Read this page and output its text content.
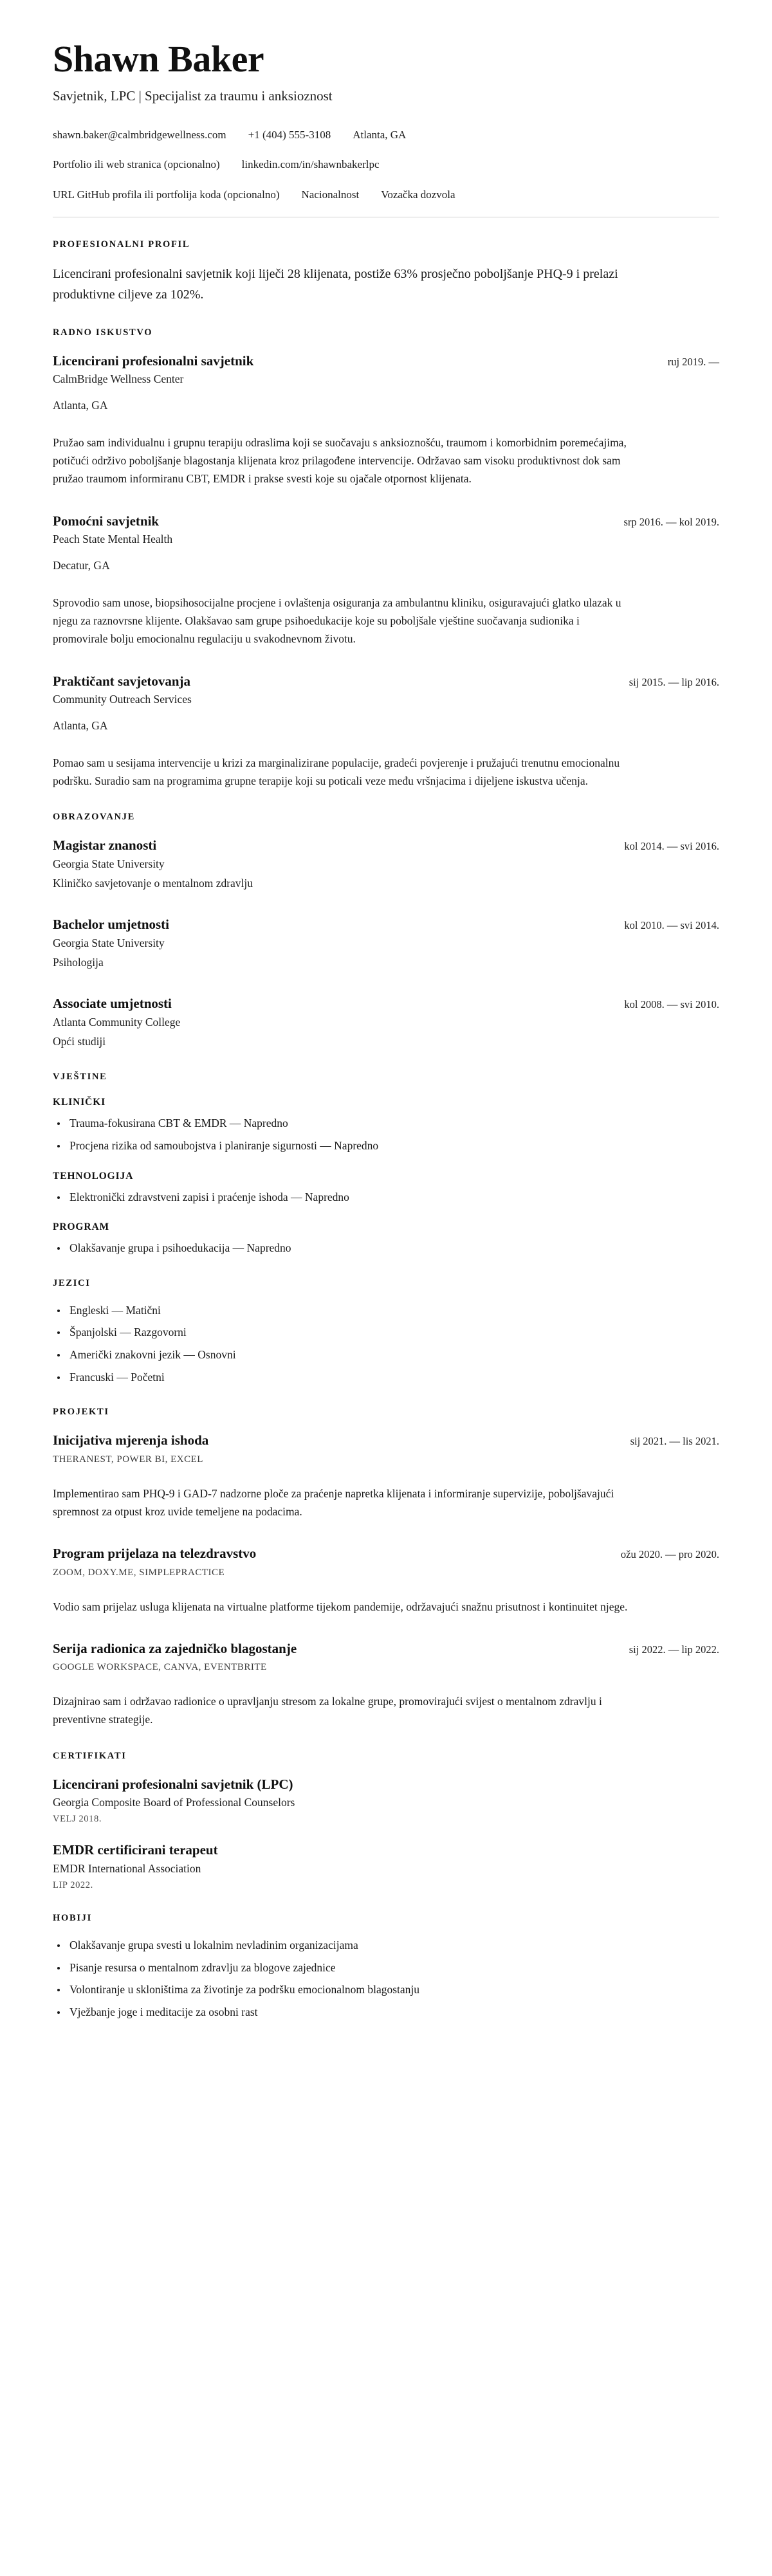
Shawn Baker

Savjetnik, LPC | Specijalist za traumu i anksioznost

shawn.baker@calmbridgewellness.com +1 (404) 555-3108 Atlanta, GA
Portfolio ili web stranica (opcionalno) linkedin.com/in/shawnbakerlpc
URL GitHub profila ili portfolija koda (opcionalno) Nacionalnost Vozačka dozvola
PROFESIONALNI PROFIL

Licencirani profesionalni savjetnik koji liječi 28 klijenata, postiže 63% prosječno poboljšanje PHQ-9 i prelazi produktivne ciljeve za 102%.

RADNO ISKUSTVO
Licencirani profesionalni savjetnik	ruj 2019. —

CalmBridge Wellness Center

Atlanta, GA

Pružao sam individualnu i grupnu terapiju odraslima koji se suočavaju s anksioznošću, traumom i komorbidnim poremećajima, potičući održivo poboljšanje blagostanja klijenata kroz prilagođene intervencije. Održavao sam visoku produktivnost dok sam pružao traumom informiranu CBT, EMDR i prakse svesti koje su ojačale otpornost klijenata.

Pomoćni savjetnik	srp 2016. — kol 2019.

Peach State Mental Health

Decatur, GA

Sprovodio sam unose, biopsihosocijalne procjene i ovlaštenja osiguranja za ambulantnu kliniku, osiguravajući glatko ulazak u njegu za raznovrsne klijente. Olakšavao sam grupe psihoedukacije koje su poboljšale vještine suočavanja sudionika i promovirale bolju emocionalnu regulaciju u svakodnevnom životu.

Praktičant savjetovanja	sij 2015. — lip 2016.

Community Outreach Services

Atlanta, GA

Pomao sam u sesijama intervencije u krizi za marginalizirane populacije, gradeći povjerenje i pružajući trenutnu emocionalnu podršku. Suradio sam na programima grupne terapije koji su poticali veze među vršnjacima i dijeljene iskustva učenja.

OBRAZOVANJE
Magistar znanosti	kol 2014. — svi 2016.

Georgia State University

Kliničko savjetovanje o mentalnom zdravlju

Bachelor umjetnosti	kol 2010. — svi 2014.

Georgia State University

Psihologija

Associate umjetnosti	kol 2008. — svi 2010.

Atlanta Community College

Opći studiji

VJEŠTINE
KLINIČKI
Trauma-fokusirana CBT & EMDR — Napredno
Procjena rizika od samoubojstva i planiranje sigurnosti — Napredno
TEHNOLOGIJA
Elektronički zdravstveni zapisi i praćenje ishoda — Napredno
PROGRAM
Olakšavanje grupa i psihoedukacija — Napredno
JEZICI
Engleski — Matični
Španjolski — Razgovorni
Američki znakovni jezik — Osnovni
Francuski — Početni
PROJEKTI
Inicijativa mjerenja ishoda	sij 2021. — lis 2021.

THERANEST, POWER BI, EXCEL

Implementirao sam PHQ-9 i GAD-7 nadzorne ploče za praćenje napretka klijenata i informiranje supervizije, poboljšavajući spremnost za otpust kroz uvide temeljene na podacima.

Program prijelaza na telezdravstvo	ožu 2020. — pro 2020.

ZOOM, DOXY.ME, SIMPLEPRACTICE

Vodio sam prijelaz usluga klijenata na virtualne platforme tijekom pandemije, održavajući snažnu prisutnost i kontinuitet njege.

Serija radionica za zajedničko blagostanje	sij 2022. — lip 2022.

GOOGLE WORKSPACE, CANVA, EVENTBRITE

Dizajnirao sam i održavao radionice o upravljanju stresom za lokalne grupe, promovirajući svijest o mentalnom zdravlju i preventivne strategije.

CERTIFIKATI
Licencirani profesionalni savjetnik (LPC)

Georgia Composite Board of Professional Counselors

VELJ 2018.

EMDR certificirani terapeut

EMDR International Association

LIP 2022.

HOBIJI
Olakšavanje grupa svesti u lokalnim nevladinim organizacijama
Pisanje resursa o mentalnom zdravlju za blogove zajednice
Volontiranje u skloništima za životinje za podršku emocionalnom blagostanju
Vježbanje joge i meditacije za osobni rast
